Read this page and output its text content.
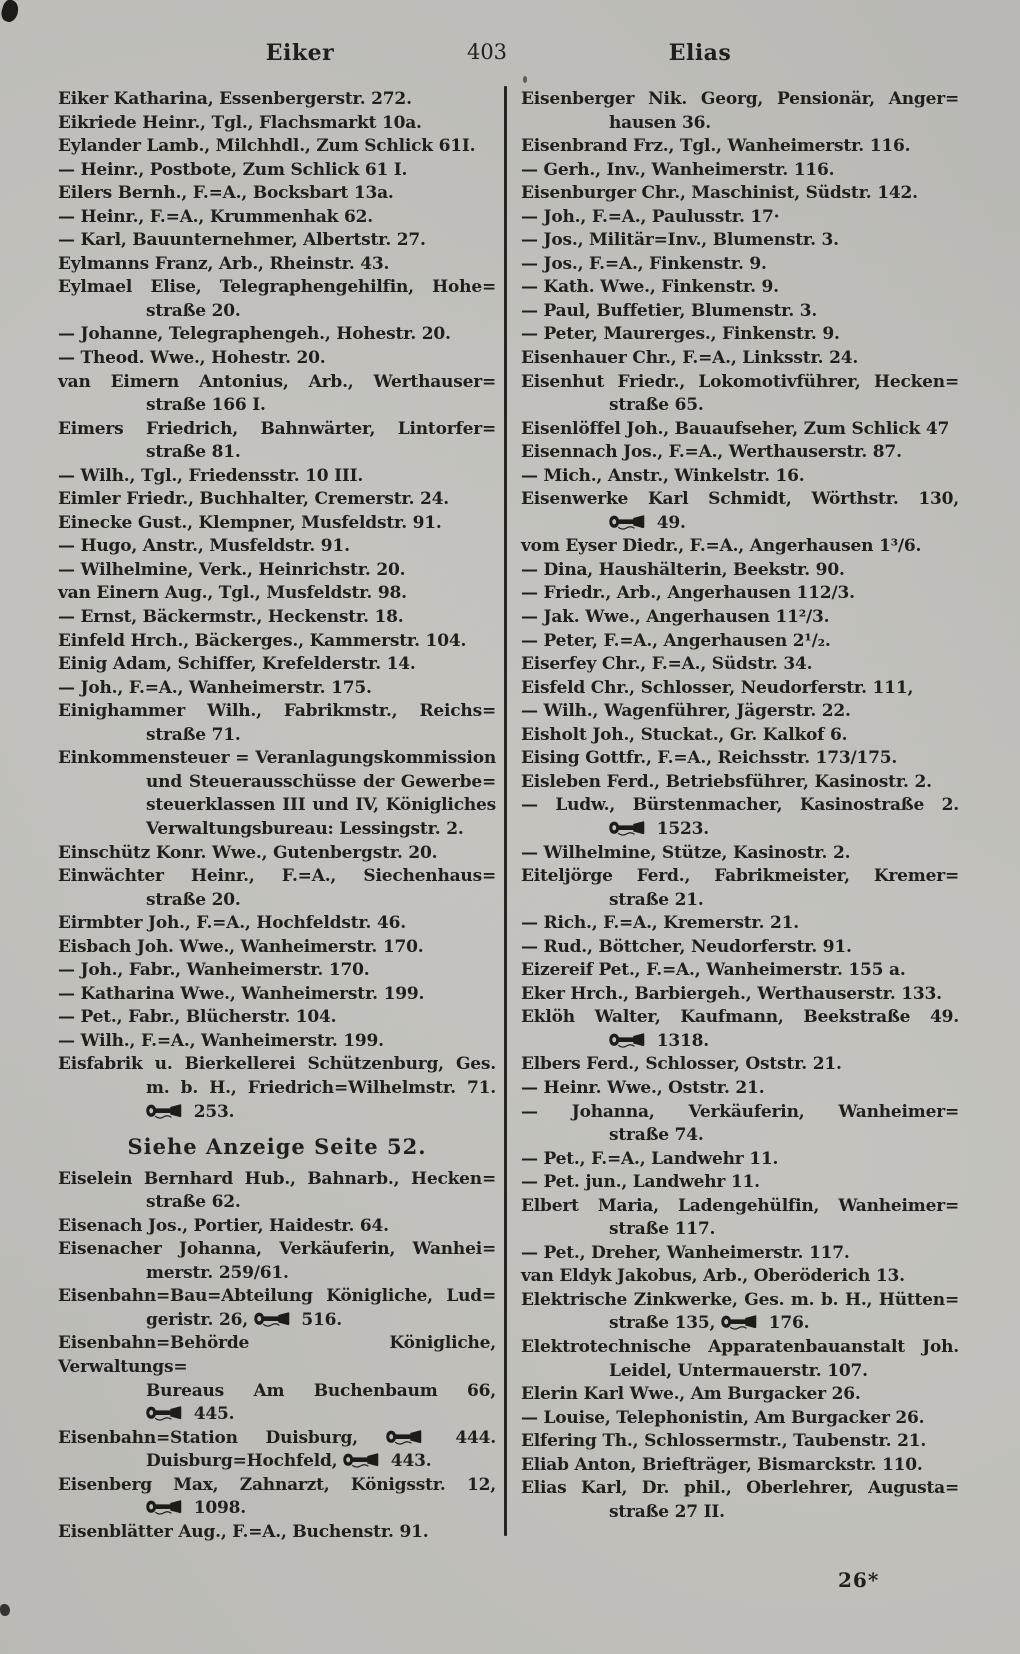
Eiker	403	Elias
Eiker Katharina, Essenbergerstr. 272.
Eikriede Heinr., Tgl., Flachsmarkt 10a.
Eylander Lamb., Milchhdl., Zum Schlick 61I.
— Heinr., Postbote, Zum Schlick 61 I.
Eilers Bernh., F.=A., Bocksbart 13a.
— Heinr., F.=A., Krummenhak 62.
— Karl, Bauunternehmer, Albertstr. 27.
Eylmanns Franz, Arb., Rheinstr. 43.
Eylmael Elise, Telegraphengehilfin, Hohe=
straße 20.
— Johanne, Telegraphengeh., Hohestr. 20.
— Theod. Wwe., Hohestr. 20.
van Eimern Antonius, Arb., Werthauser=
straße 166 I.
Eimers Friedrich, Bahnwärter, Lintorfer=
straße 81.
— Wilh., Tgl., Friedensstr. 10 III.
Eimler Friedr., Buchhalter, Cremerstr. 24.
Einecke Gust., Klempner, Musfeldstr. 91.
— Hugo, Anstr., Musfeldstr. 91.
— Wilhelmine, Verk., Heinrichstr. 20.
van Einern Aug., Tgl., Musfeldstr. 98.
— Ernst, Bäckermstr., Heckenstr. 18.
Einfeld Hrch., Bäckerges., Kammerstr. 104.
Einig Adam, Schiffer, Krefelderstr. 14.
— Joh., F.=A., Wanheimerstr. 175.
Einighammer Wilh., Fabrikmstr., Reichs=
straße 71.
Einkommensteuer = Veranlagungskommission
und Steuerausschüsse der Gewerbe=
steuerklassen III und IV, Königliches
Verwaltungsbureau: Lessingstr. 2.
Einschütz Konr. Wwe., Gutenbergstr. 20.
Einwächter Heinr., F.=A., Siechenhaus=
straße 20.
Eirmbter Joh., F.=A., Hochfeldstr. 46.
Eisbach Joh. Wwe., Wanheimerstr. 170.
— Joh., Fabr., Wanheimerstr. 170.
— Katharina Wwe., Wanheimerstr. 199.
— Pet., Fabr., Blücherstr. 104.
— Wilh., F.=A., Wanheimerstr. 199.
Eisfabrik u. Bierkellerei Schützenburg, Ges.
m. b. H., Friedrich=Wilhelmstr. 71.
253.
Siehe Anzeige Seite 52.
Eiselein Bernhard Hub., Bahnarb., Hecken=
straße 62.
Eisenach Jos., Portier, Haidestr. 64.
Eisenacher Johanna, Verkäuferin, Wanhei=
merstr. 259/61.
Eisenbahn=Bau=Abteilung Königliche, Lud=
geristr. 26,
516.
Eisenbahn=Behörde Königliche, Verwaltungs=
Bureaus Am Buchenbaum 66,
445.
Eisenbahn=Station Duisburg,
444.
Duisburg=Hochfeld,
443.
Eisenberg Max, Zahnarzt, Königsstr. 12,
1098.
Eisenblätter Aug., F.=A., Buchenstr. 91.
Eisenberger Nik. Georg, Pensionär, Anger=
hausen 36.
Eisenbrand Frz., Tgl., Wanheimerstr. 116.
— Gerh., Inv., Wanheimerstr. 116.
Eisenburger Chr., Maschinist, Südstr. 142.
— Joh., F.=A., Paulusstr. 17·
— Jos., Militär=Inv., Blumenstr. 3.
— Jos., F.=A., Finkenstr. 9.
— Kath. Wwe., Finkenstr. 9.
— Paul, Buffetier, Blumenstr. 3.
— Peter, Maurerges., Finkenstr. 9.
Eisenhauer Chr., F.=A., Linksstr. 24.
Eisenhut Friedr., Lokomotivführer, Hecken=
straße 65.
Eisenlöffel Joh., Bauaufseher, Zum Schlick 47
Eisennach Jos., F.=A., Werthauserstr. 87.
— Mich., Anstr., Winkelstr. 16.
Eisenwerke Karl Schmidt, Wörthstr. 130,
49.
vom Eyser Diedr., F.=A., Angerhausen 1³/6.
— Dina, Haushälterin, Beekstr. 90.
— Friedr., Arb., Angerhausen 112/3.
— Jak. Wwe., Angerhausen 11²/3.
— Peter, F.=A., Angerhausen 2¹/₂.
Eiserfey Chr., F.=A., Südstr. 34.
Eisfeld Chr., Schlosser, Neudorferstr. 111,
— Wilh., Wagenführer, Jägerstr. 22.
Eisholt Joh., Stuckat., Gr. Kalkof 6.
Eising Gottfr., F.=A., Reichsstr. 173/175.
Eisleben Ferd., Betriebsführer, Kasinostr. 2.
— Ludw., Bürstenmacher, Kasinostraße 2.
1523.
— Wilhelmine, Stütze, Kasinostr. 2.
Eiteljörge Ferd., Fabrikmeister, Kremer=
straße 21.
— Rich., F.=A., Kremerstr. 21.
— Rud., Böttcher, Neudorferstr. 91.
Eizereif Pet., F.=A., Wanheimerstr. 155 a.
Eker Hrch., Barbiergeh., Werthauserstr. 133.
Eklöh Walter, Kaufmann, Beekstraße 49.
1318.
Elbers Ferd., Schlosser, Oststr. 21.
— Heinr. Wwe., Oststr. 21.
— Johanna, Verkäuferin, Wanheimer=
straße 74.
— Pet., F.=A., Landwehr 11.
— Pet. jun., Landwehr 11.
Elbert Maria, Ladengehülfin, Wanheimer=
straße 117.
— Pet., Dreher, Wanheimerstr. 117.
van Eldyk Jakobus, Arb., Oberöderich 13.
Elektrische Zinkwerke, Ges. m. b. H., Hütten=
straße 135,
176.
Elektrotechnische Apparatenbauanstalt Joh.
Leidel, Untermauerstr. 107.
Elerin Karl Wwe., Am Burgacker 26.
— Louise, Telephonistin, Am Burgacker 26.
Elfering Th., Schlossermstr., Taubenstr. 21.
Eliab Anton, Briefträger, Bismarckstr. 110.
Elias Karl, Dr. phil., Oberlehrer, Augusta=
straße 27 II.
26*
